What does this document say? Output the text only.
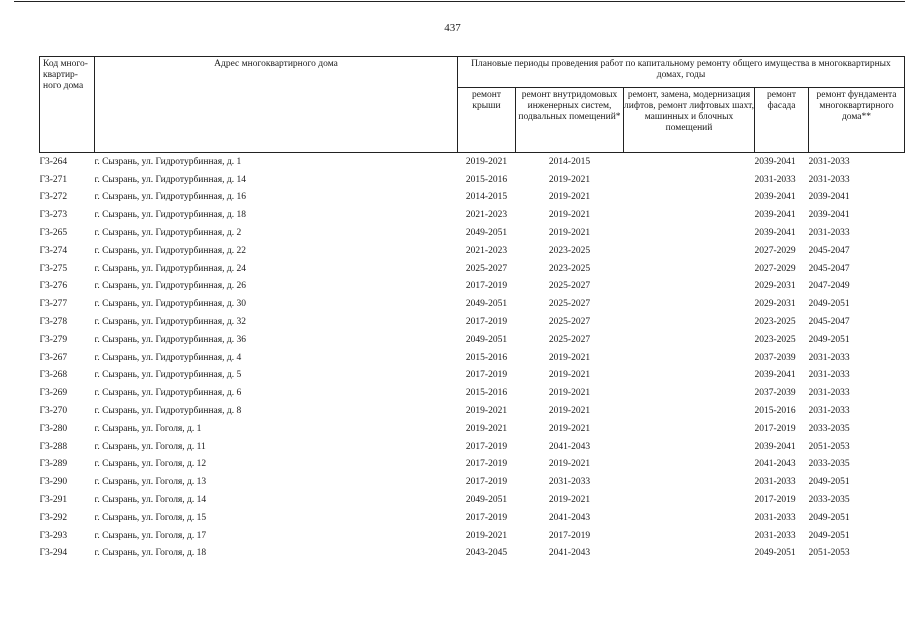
437
Код много-квартир-ного дома	Адрес многоквартирного дома	Плановые периоды проведения работ по капитальному ремонту общего имущества в многоквартирных домах, годы				
		ремонт крыши	ремонт внутридомовых инженерных систем, подвальных помещений*	ремонт, замена, модернизация лифтов, ремонт лифтовых шахт, машинных и блочных помещений	ремонт фасада	ремонт фундамента многоквартирного дома**
Г3-264	г. Сызрань, ул. Гидротурбинная, д. 1	2019-2021	2014-2015		2039-2041	2031-2033
Г3-271	г. Сызрань, ул. Гидротурбинная, д. 14	2015-2016	2019-2021		2031-2033	2031-2033
Г3-272	г. Сызрань, ул. Гидротурбинная, д. 16	2014-2015	2019-2021		2039-2041	2039-2041
Г3-273	г. Сызрань, ул. Гидротурбинная, д. 18	2021-2023	2019-2021		2039-2041	2039-2041
Г3-265	г. Сызрань, ул. Гидротурбинная, д. 2	2049-2051	2019-2021		2039-2041	2031-2033
Г3-274	г. Сызрань, ул. Гидротурбинная, д. 22	2021-2023	2023-2025		2027-2029	2045-2047
Г3-275	г. Сызрань, ул. Гидротурбинная, д. 24	2025-2027	2023-2025		2027-2029	2045-2047
Г3-276	г. Сызрань, ул. Гидротурбинная, д. 26	2017-2019	2025-2027		2029-2031	2047-2049
Г3-277	г. Сызрань, ул. Гидротурбинная, д. 30	2049-2051	2025-2027		2029-2031	2049-2051
Г3-278	г. Сызрань, ул. Гидротурбинная, д. 32	2017-2019	2025-2027		2023-2025	2045-2047
Г3-279	г. Сызрань, ул. Гидротурбинная, д. 36	2049-2051	2025-2027		2023-2025	2049-2051
Г3-267	г. Сызрань, ул. Гидротурбинная, д. 4	2015-2016	2019-2021		2037-2039	2031-2033
Г3-268	г. Сызрань, ул. Гидротурбинная, д. 5	2017-2019	2019-2021		2039-2041	2031-2033
Г3-269	г. Сызрань, ул. Гидротурбинная, д. 6	2015-2016	2019-2021		2037-2039	2031-2033
Г3-270	г. Сызрань, ул. Гидротурбинная, д. 8	2019-2021	2019-2021		2015-2016	2031-2033
Г3-280	г. Сызрань, ул. Гоголя, д. 1	2019-2021	2019-2021		2017-2019	2033-2035
Г3-288	г. Сызрань, ул. Гоголя, д. 11	2017-2019	2041-2043		2039-2041	2051-2053
Г3-289	г. Сызрань, ул. Гоголя, д. 12	2017-2019	2019-2021		2041-2043	2033-2035
Г3-290	г. Сызрань, ул. Гоголя, д. 13	2017-2019	2031-2033		2031-2033	2049-2051
Г3-291	г. Сызрань, ул. Гоголя, д. 14	2049-2051	2019-2021		2017-2019	2033-2035
Г3-292	г. Сызрань, ул. Гоголя, д. 15	2017-2019	2041-2043		2031-2033	2049-2051
Г3-293	г. Сызрань, ул. Гоголя, д. 17	2019-2021	2017-2019		2031-2033	2049-2051
Г3-294	г. Сызрань, ул. Гоголя, д. 18	2043-2045	2041-2043		2049-2051	2051-2053
